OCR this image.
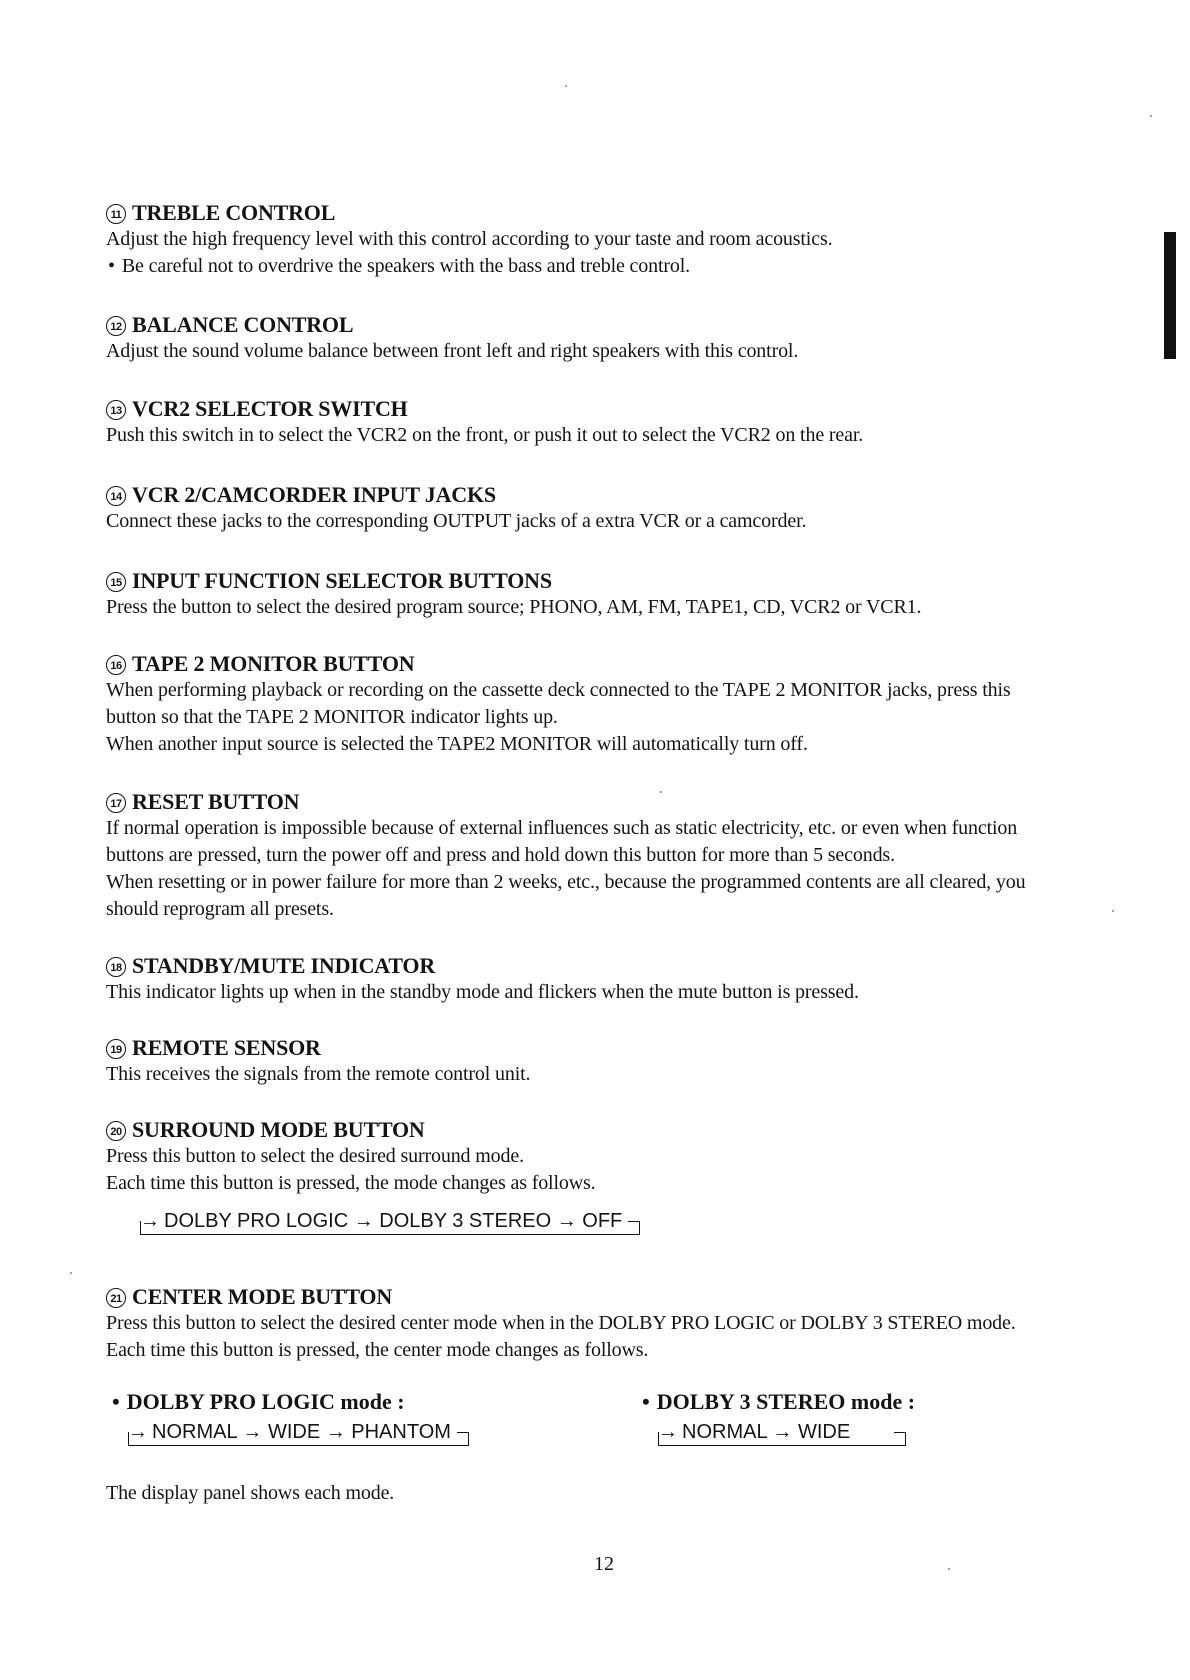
11 TREBLE CONTROL
Adjust the high frequency level with this control according to your taste and room acoustics.
• Be careful not to overdrive the speakers with the bass and treble control.
12 BALANCE CONTROL
Adjust the sound volume balance between front left and right speakers with this control.
13 VCR2 SELECTOR SWITCH
Push this switch in to select the VCR2 on the front, or push it out to select the VCR2 on the rear.
14 VCR 2/CAMCORDER INPUT JACKS
Connect these jacks to the corresponding OUTPUT jacks of a extra VCR or a camcorder.
15 INPUT FUNCTION SELECTOR BUTTONS
Press the button to select the desired program source; PHONO, AM, FM, TAPE1, CD, VCR2 or VCR1.
16 TAPE 2 MONITOR BUTTON
When performing playback or recording on the cassette deck connected to the TAPE 2 MONITOR jacks, press this
button so that the TAPE 2 MONITOR indicator lights up.
When another input source is selected the TAPE2 MONITOR will automatically turn off.
17 RESET BUTTON
If normal operation is impossible because of external influences such as static electricity, etc. or even when function
buttons are pressed, turn the power off and press and hold down this button for more than 5 seconds.
When resetting or in power failure for more than 2 weeks, etc., because the programmed contents are all cleared, you
should reprogram all presets.
18 STANDBY/MUTE INDICATOR
This indicator lights up when in the standby mode and flickers when the mute button is pressed.
19 REMOTE SENSOR
This receives the signals from the remote control unit.
20 SURROUND MODE BUTTON
Press this button to select the desired surround mode.
Each time this button is pressed, the mode changes as follows.
→ DOLBY PRO LOGIC → DOLBY 3 STEREO → OFF
21 CENTER MODE BUTTON
Press this button to select the desired center mode when in the DOLBY PRO LOGIC or DOLBY 3 STEREO mode.
Each time this button is pressed, the center mode changes as follows.
• DOLBY PRO LOGIC mode :
→ NORMAL → WIDE → PHANTOM
• DOLBY 3 STEREO mode :
→ NORMAL → WIDE
The display panel shows each mode.
12
